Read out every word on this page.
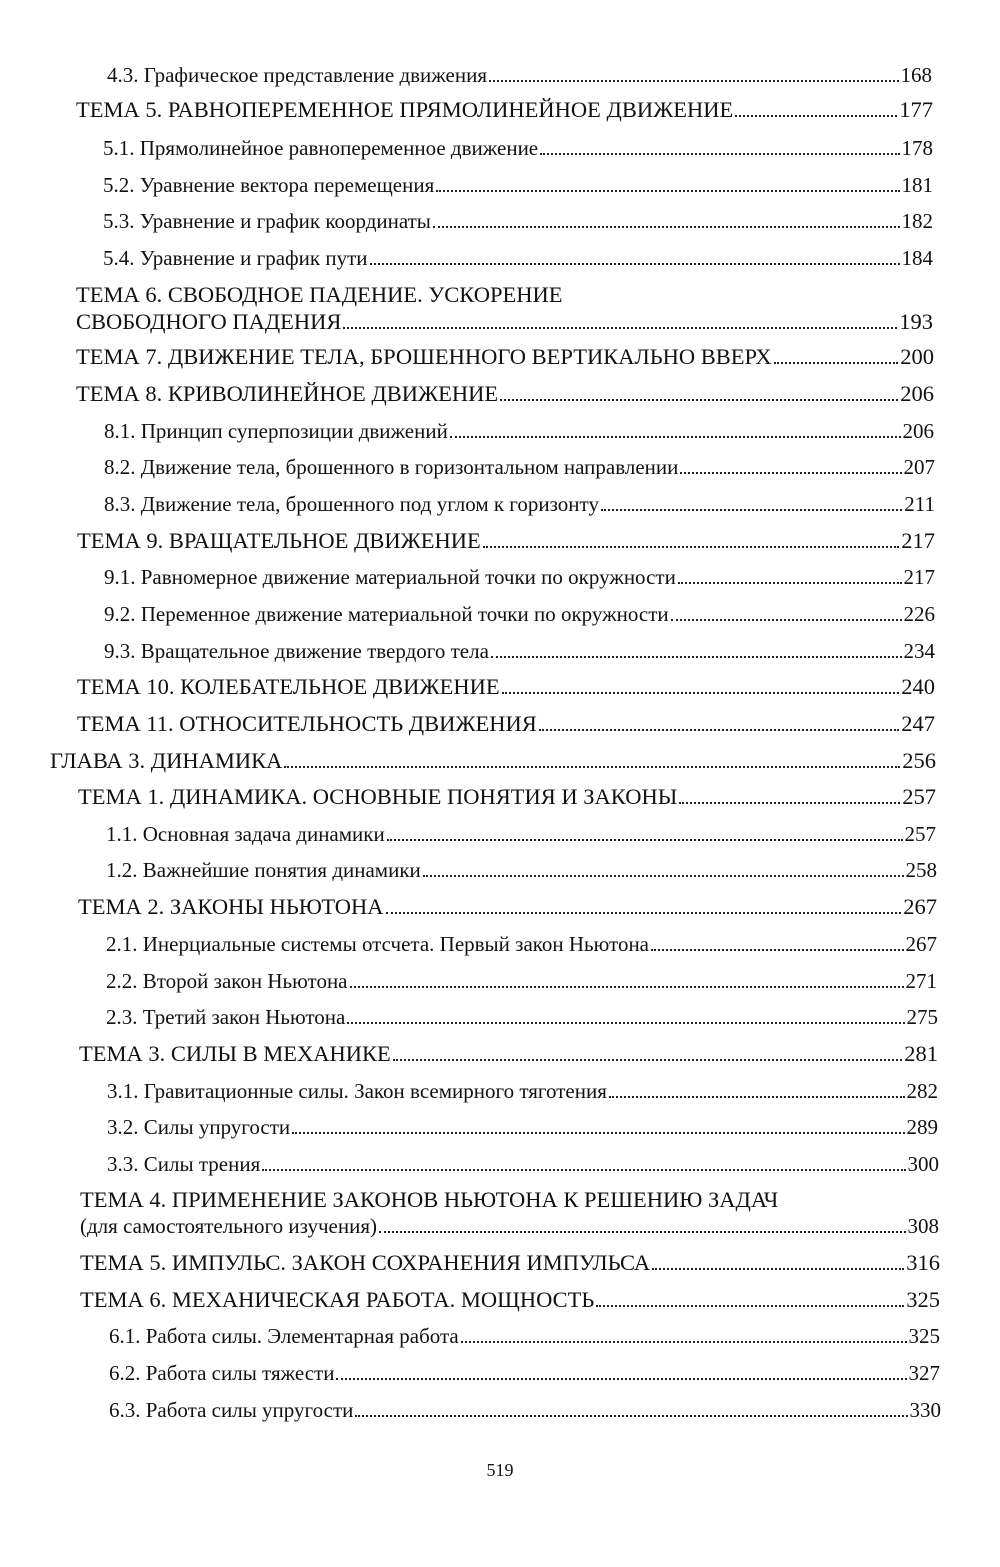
4.3. Графическое представление движения	168
ТЕМА 5. РАВНОПЕРЕМЕННОЕ ПРЯМОЛИНЕЙНОЕ ДВИЖЕНИЕ	177
5.1. Прямолинейное равнопеременное движение	178
5.2. Уравнение вектора перемещения	181
5.3. Уравнение и график координаты	182
5.4. Уравнение и график пути	184
ТЕМА 6. СВОБОДНОЕ ПАДЕНИЕ. УСКОРЕНИЕ
СВОБОДНОГО ПАДЕНИЯ	193
ТЕМА 7. ДВИЖЕНИЕ ТЕЛА, БРОШЕННОГО ВЕРТИКАЛЬНО ВВЕРХ	200
ТЕМА 8. КРИВОЛИНЕЙНОЕ ДВИЖЕНИЕ	206
8.1. Принцип суперпозиции движений	206
8.2. Движение тела, брошенного в горизонтальном направлении	207
8.3. Движение тела, брошенного под углом к горизонту	211
ТЕМА 9. ВРАЩАТЕЛЬНОЕ ДВИЖЕНИЕ	217
9.1. Равномерное движение материальной точки по окружности	217
9.2. Переменное движение материальной точки по окружности	226
9.3. Вращательное движение твердого тела	234
ТЕМА 10. КОЛЕБАТЕЛЬНОЕ ДВИЖЕНИЕ	240
ТЕМА 11. ОТНОСИТЕЛЬНОСТЬ ДВИЖЕНИЯ	247
ГЛАВА 3. ДИНАМИКА	256
ТЕМА 1. ДИНАМИКА. ОСНОВНЫЕ ПОНЯТИЯ И ЗАКОНЫ	257
1.1. Основная задача динамики	257
1.2. Важнейшие понятия динамики	258
ТЕМА 2. ЗАКОНЫ НЬЮТОНА	267
2.1. Инерциальные системы отсчета. Первый закон Ньютона	267
2.2. Второй закон Ньютона	271
2.3. Третий закон Ньютона	275
ТЕМА 3. СИЛЫ В МЕХАНИКЕ	281
3.1. Гравитационные силы. Закон всемирного тяготения	282
3.2. Силы упругости	289
3.3. Силы трения	300
ТЕМА 4. ПРИМЕНЕНИЕ ЗАКОНОВ НЬЮТОНА К РЕШЕНИЮ ЗАДАЧ
(для самостоятельного изучения)	308
ТЕМА 5. ИМПУЛЬС. ЗАКОН СОХРАНЕНИЯ ИМПУЛЬСА	316
ТЕМА 6. МЕХАНИЧЕСКАЯ РАБОТА. МОЩНОСТЬ	325
6.1. Работа силы. Элементарная работа	325
6.2. Работа силы тяжести	327
6.3. Работа силы упругости	330
519
